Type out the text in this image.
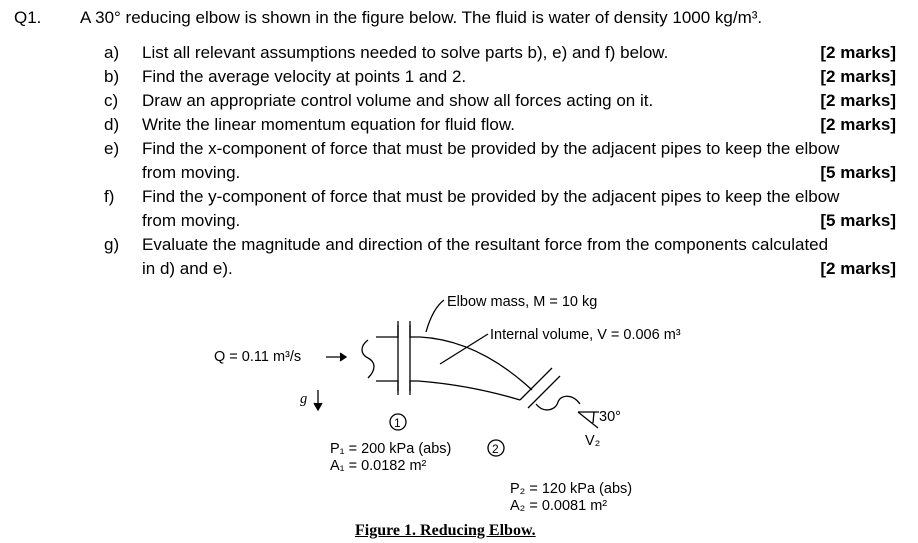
Q1. A 30° reducing elbow is shown in the figure below. The fluid is water of density 1000 kg/m³.
a) List all relevant assumptions needed to solve parts b), e) and f) below.	[2 marks]
b) Find the average velocity at points 1 and 2.	[2 marks]
c) Draw an appropriate control volume and show all forces acting on it.	[2 marks]
d) Write the linear momentum equation for fluid flow.	[2 marks]
e) Find the x-component of force that must be provided by the adjacent pipes to keep the elbow
from moving.	[5 marks]
f) Find the y-component of force that must be provided by the adjacent pipes to keep the elbow
from moving.	[5 marks]
g) Evaluate the magnitude and direction of the resultant force from the components calculated
in d) and e).	[2 marks]
Elbow mass, M = 10 kg
Internal volume, V = 0.006 m³
Q = 0.11 m³/s
g
1
2
P₁ = 200 kPa (abs)
A₁ = 0.0182 m²
30°
V₂
P₂ = 120 kPa (abs)
A₂ = 0.0081 m²
Figure 1. Reducing Elbow.
